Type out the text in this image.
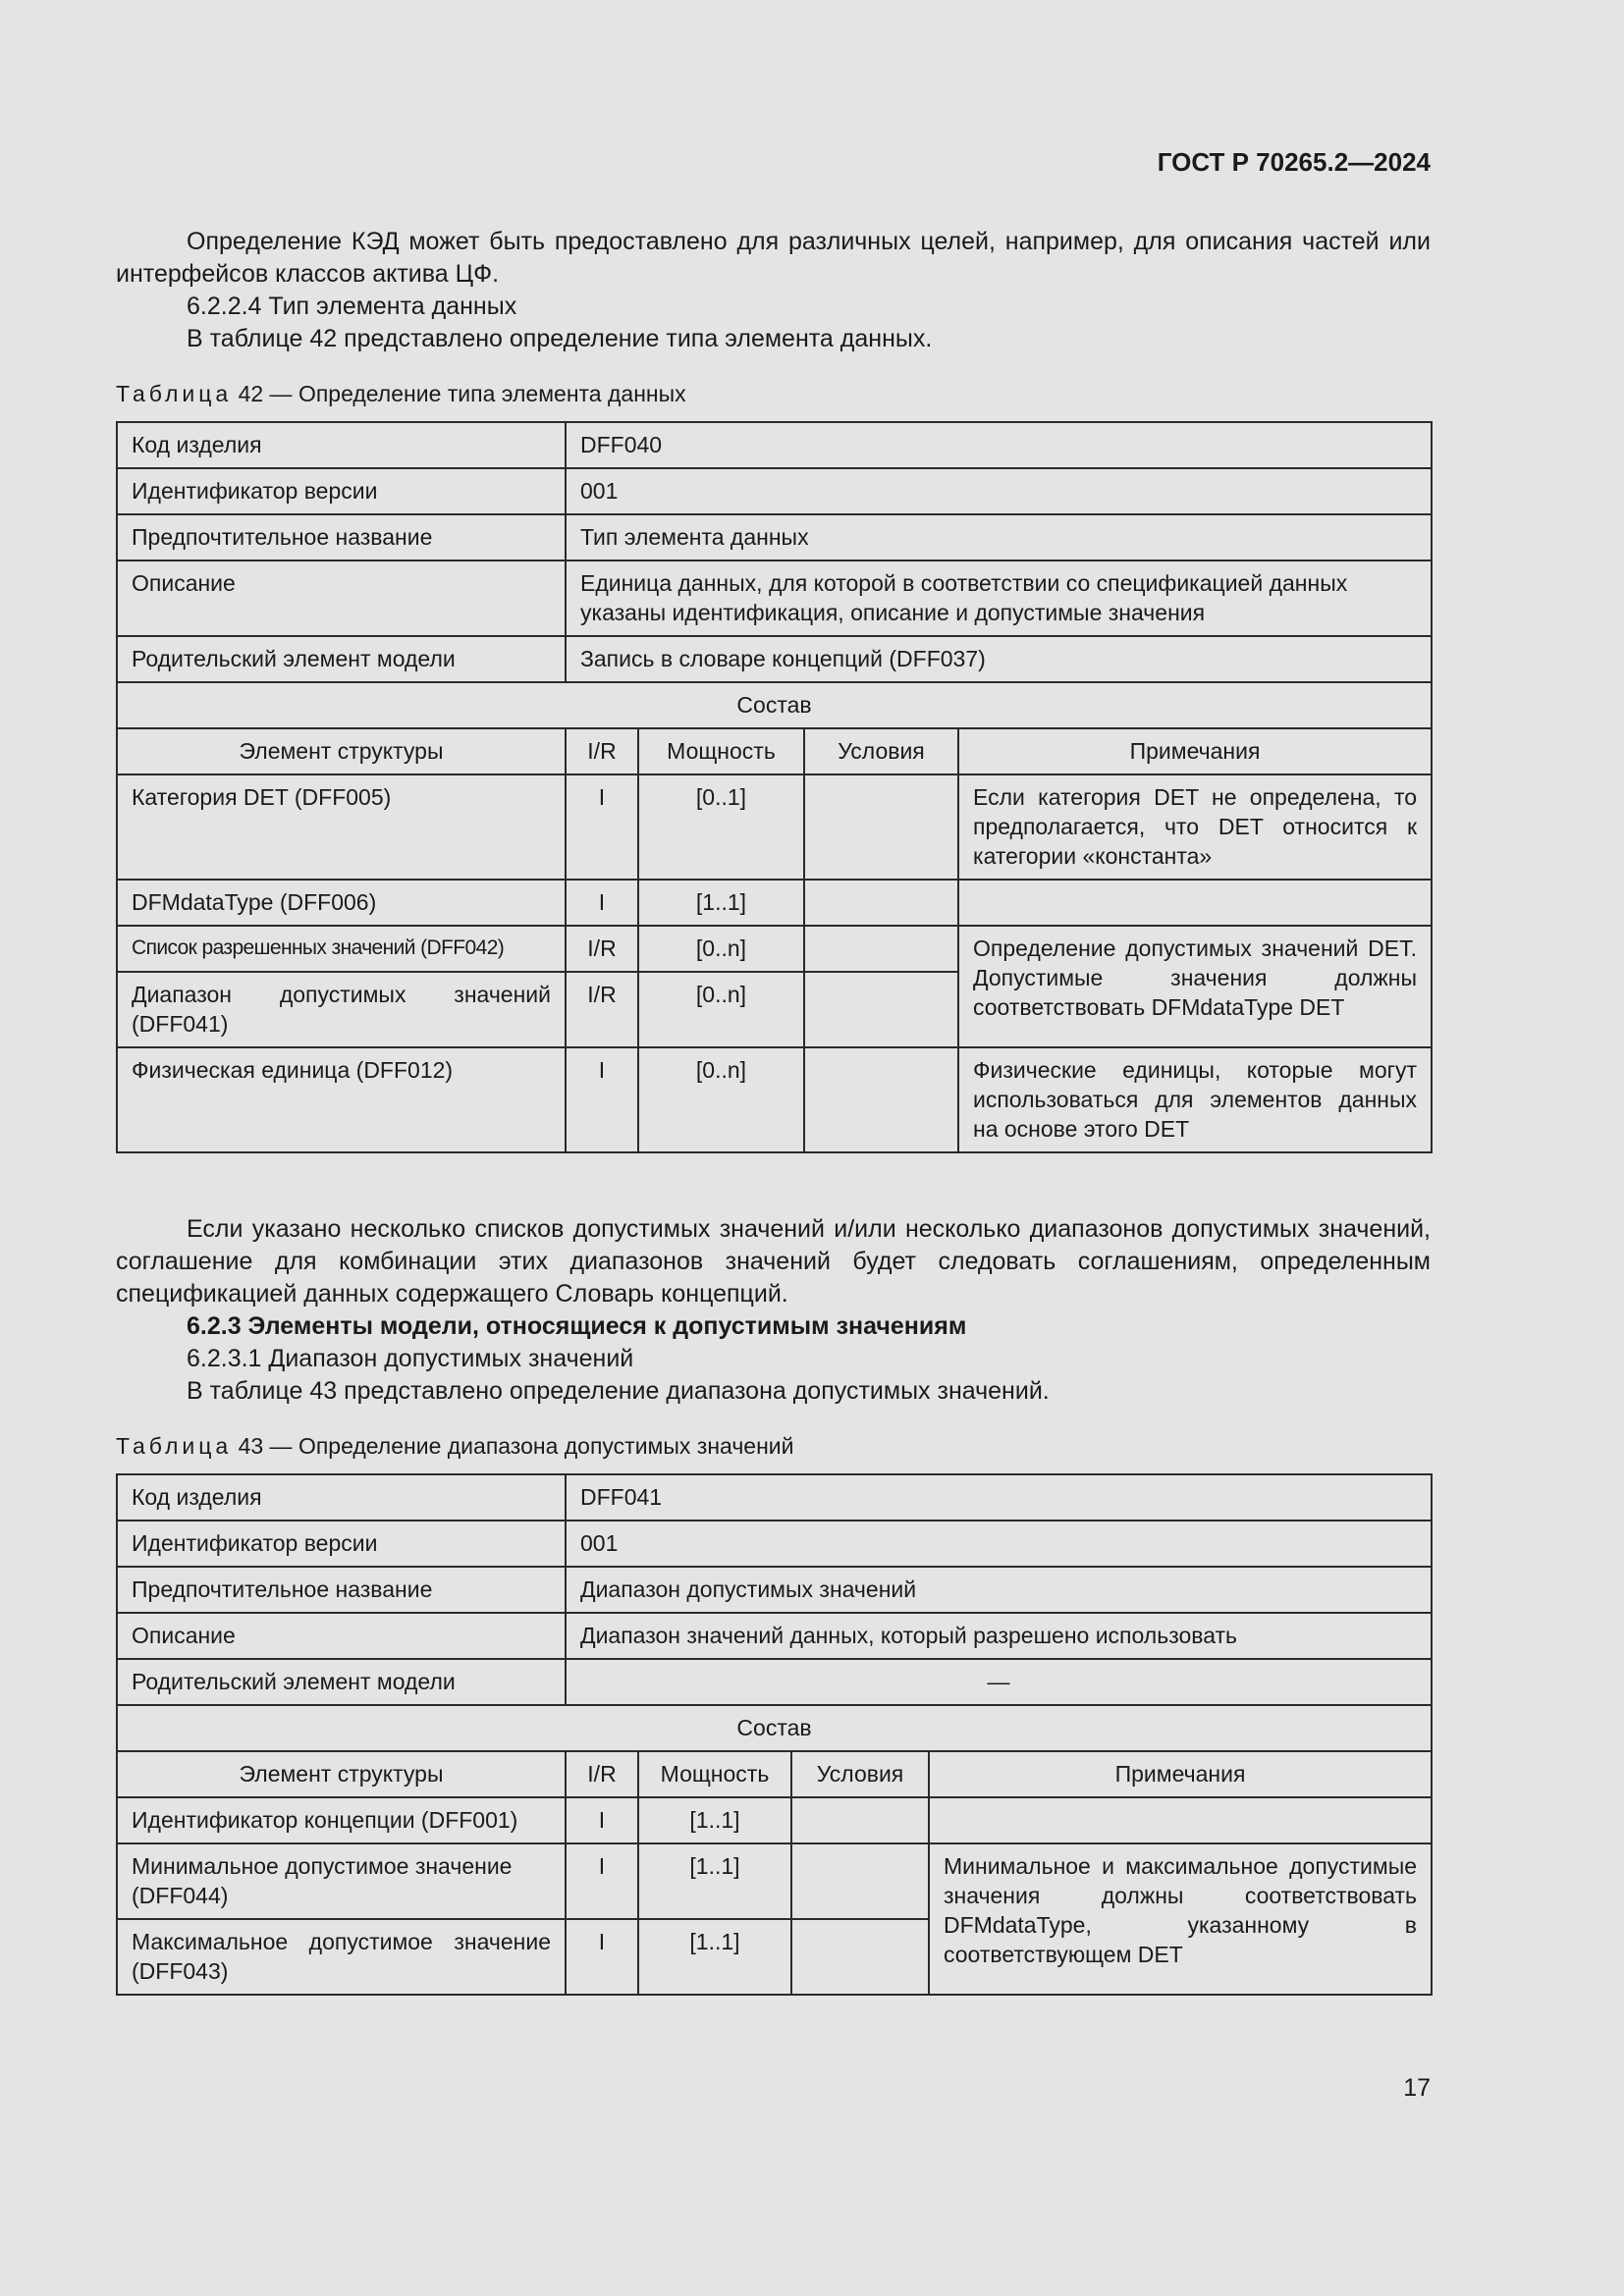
ГОСТ Р 70265.2—2024

Определение КЭД может быть предоставлено для различных целей, например, для описания частей или интерфейсов классов актива ЦФ.

6.2.2.4 Тип элемента данных

В таблице 42 представлено определение типа элемента данных.

Таблица 42 — Определение типа элемента данных
Код изделия	DFF040			
Идентификатор версии	001			
Предпочтительное название	Тип элемента данных			
Описание	Единица данных, для которой в соответствии со спецификацией данных указаны идентификация, описание и допустимые значения			
Родительский элемент модели	Запись в словаре концепций (DFF037)			
Состав				
Элемент структуры	I/R	Мощность	Условия	Примечания
Категория DET (DFF005)	I	[0..1]		Если категория DET не определена, то предполагается, что DET относится к категории «константа»
DFMdataType (DFF006)	I	[1..1]		
Список разрешенных значений (DFF042)	I/R	[0..n]		Определение допустимых значений DET. Допустимые значения должны соответствовать DFMdataType DET
Диапазон допустимых значений (DFF041)	I/R	[0..n]		
Физическая единица (DFF012)	I	[0..n]		Физические единицы, которые могут использоваться для элементов данных на основе этого DET

Если указано несколько списков допустимых значений и/или несколько диапазонов допустимых значений, соглашение для комбинации этих диапазонов значений будет следовать соглашениям, определенным спецификацией данных содержащего Словарь концепций.

6.2.3 Элементы модели, относящиеся к допустимым значениям

6.2.3.1 Диапазон допустимых значений

В таблице 43 представлено определение диапазона допустимых значений.

Таблица 43 — Определение диапазона допустимых значений
Код изделия	DFF041			
Идентификатор версии	001			
Предпочтительное название	Диапазон допустимых значений			
Описание	Диапазон значений данных, который разрешено использовать			
Родительский элемент модели	—			
Состав				
Элемент структуры	I/R	Мощность	Условия	Примечания
Идентификатор концепции (DFF001)	I	[1..1]		
Минимальное допустимое значение (DFF044)	I	[1..1]		Минимальное и максимальное допустимые значения должны соответствовать DFMdataType, указанному в соответствующем DET
Максимальное допустимое значение (DFF043)	I	[1..1]		
17
